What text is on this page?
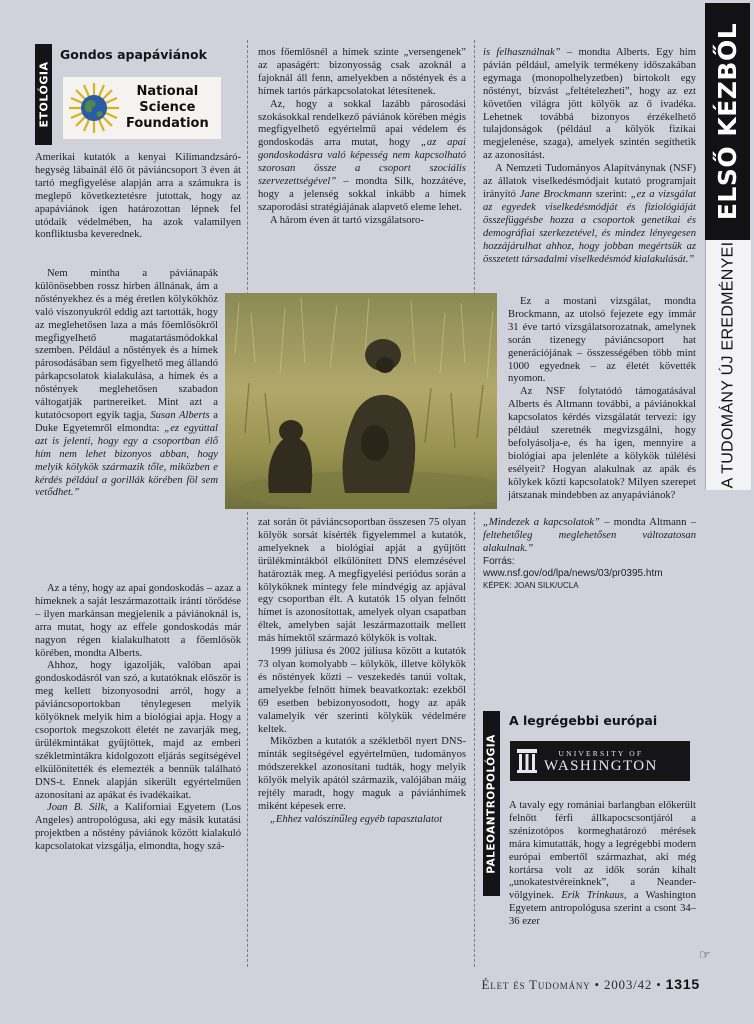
ELSŐ KÉZBŐL
A TUDOMÁNY ÚJ EREDMÉNYEI
ETOLÓGIA
Gondos apapáviánok
National
Science
Foundation

Amerikai kutatók a kenyai Kilimandzsáró-hegység lábainál élő öt páviáncsoport 3 éven át tartó megfigyelése alapján arra a számukra is meglepő következtetésre jutottak, hogy az apapáviánok igen határozottan lépnek fel utódaik védelmében, ha azok valamilyen konfliktusba keverednek.

Nem mintha a páviánapák különösebben rossz hírben állnának, ám a nőstényekhez és a még éretlen kölykökhöz való viszonyukról eddig azt tartották, hogy az meglehetősen laza a más főemlősökről megfigyelhető magatartásmódokkal szemben. Például a nőstények és a hímek párosodásában sem figyelhető meg állandó párkapcsolatok kialakulása, a hímek és a nőstények meglehetősen szabadon váltogatják partnereiket. Mint azt a kutatócsoport egyik tagja, Susan Alberts a Duke Egyetemről elmondta: „ez egyúttal azt is jelenti, hogy egy a csoportban élő hím nem lehet bizonyos abban, hogy melyik kölykök származik tőle, miközben e kérdés például a gorillák körében föl sem vetődhet.”

Az a tény, hogy az apai gondoskodás – azaz a hímeknek a saját leszármazottaik iránti törődése – ilyen markánsan megjelenik a páviánoknál is, arra mutat, hogy az effele gondoskodás már nagyon régen kialakulhatott a főemlősök körében, mondta Alberts.

Ahhoz, hogy igazolják, valóban apai gondoskodásról van szó, a kutatóknak először is meg kellett bizonyosodni arról, hogy a páviáncsoportokban ténylegesen melyik kölyöknek melyik him a biológiai apja. Hogy a csoportok megszokott életét ne zavarják meg, ürülékmintákat gyűjtöttek, majd az emberi székletmintákra kidolgozott eljárás segítségével elkülönítették és elemezték a bennük található DNS-t. Ennek alapján sikerült egyértelműen azonosítani az apákat és ivadékaikat.

Joan B. Silk, a Kaliforniai Egyetem (Los Angeles) antropológusa, aki egy másik kutatási projektben a nőstény páviánok között kialakuló kapcsolatokat vizsgálja, elmondta, hogy szá-

mos főemlősnél a hímek szinte „versengenek” az apaságért: bizonyosság csak azoknál a fajoknál áll fenn, amelyekben a nőstények és a hímek tartós párkapcsolatokat létesítenek.

Az, hogy a sokkal lazább párosodási szokásokkal rendelkező páviánok körében mégis megfigyelhető egyértelmű apai védelem és gondoskodás arra mutat, hogy „az apai gondoskodásra való képesség nem kapcsolható szorosan össze a csoport szociális szervezettségével” – mondta Silk, hozzátéve, hogy a jelenség sokkal inkább a hímek szaporodási stratégiájának alapvető eleme lehet.

A három éven át tartó vizsgálatsoro-

zat során öt páviáncsoportban összesen 75 olyan kölyök sorsát kísérték figyelemmel a kutatók, amelyeknek a biológiai apját a gyűjtött ürülékmintákból elkülönített DNS elemzésével határozták meg. A megfigyelési periódus során a kölyköknek mintegy fele mindvégig az apjával egy csoportban élt. A kutatók 15 olyan felnőtt hímet is azonosítottak, amelyek olyan csapatban éltek, amelyben saját leszármazottaik mellett más hímektől származó kölykök is voltak.

1999 júliusa és 2002 júliusa között a kutatók 73 olyan komolyabb – kölykök, illetve kölykök és nőstények közti – veszekedés tanúi voltak, amelyekbe felnőtt hímek beavatkoztak: ezekből 69 esetben bebizonyosodott, hogy az apák valamelyik vér szerinti kölykük védelmére keltek.

Miközben a kutatók a székletből nyert DNS-minták segítségével egyértelműen, tudományos módszerekkel azonosítani tudták, hogy melyik kölyök melyik apától származik, valójában máig rejtély maradt, hogy maguk a páviánhímek miként képesek erre.

„Ehhez valószínűleg egyéb tapasztalatot

is felhasználnak” – mondta Alberts. Egy him pávián például, amelyik termékeny időszakában egymaga (monopolhelyzetben) birtokolt egy nőstényt, bízvást „feltételezheti”, hogy az ezt követően világra jött kölyök az ő ivadéka. Lehetnek továbbá bizonyos érzékelhető tulajdonságok (például a kölyök fizikai megjelenése, szaga), amelyek szintén segíthetik az azonosítást.

A Nemzeti Tudományos Alapítványnak (NSF) az állatok viselkedésmódjait kutató programjait irányító Jane Brockmann szerint: „ez a vizsgálat az egyedek viselkedésmódját és fiziológiáját összefüggésbe hozza a csoportok genetikai és demográfiai szerkezetével, és mindez lényegesen hozzájárulhat ahhoz, hogy jobban megértsük az összetett társadalmi viselkedésmód kialakulását.”

Ez a mostani vizsgálat, mondta Brockmann, az utolsó fejezete egy immár 31 éve tartó vizsgálatsorozatnak, amelynek során tizenegy páviáncsoport hat generációjának – összességében több mint 1000 egyednek – az életét követték nyomon.

Az NSF folytatódó támogatásával Alberts és Altmann további, a páviánokkal kapcsolatos kérdés vizsgálatát tervezi: így például szeretnék megvizsgálni, hogy befolyásolja-e, és ha igen, mennyire a biológiai apa jelenléte a kölykök túlélési esélyeit? Hogyan alakulnak az apák és kölykek közti kapcsolatok? Milyen szerepet játszanak mindebben az anyapáviánok?

„Mindezek a kapcsolatok” – mondta Altmann – feltehetőleg meglehetősen változatosan alakulnak.”

Forrás: www.nsf.gov/od/lpa/news/03/pr0395.htm
KÉPEK: JOAN SILK/UCLA
PALEOANTROPOLÓGIA
A legrégebbi európai
UNIVERSITY OF
WASHINGTON

A tavaly egy romániai barlangban előkerült felnőtt férfi állkapocscsontjáról a szénizotópos kormeghatározó mérések mára kimutatták, hogy a legrégebbi modern európai embertől származhat, aki még kortársa volt az idők során kihalt „unokatestvéreinknek”, a Neander-völgyinek. Erik Trinkaus, a Washington Egyetem antropológusa szerint a csont 34–36 ezer

☞
Élet és Tudomány • 2003/42 • 1315
